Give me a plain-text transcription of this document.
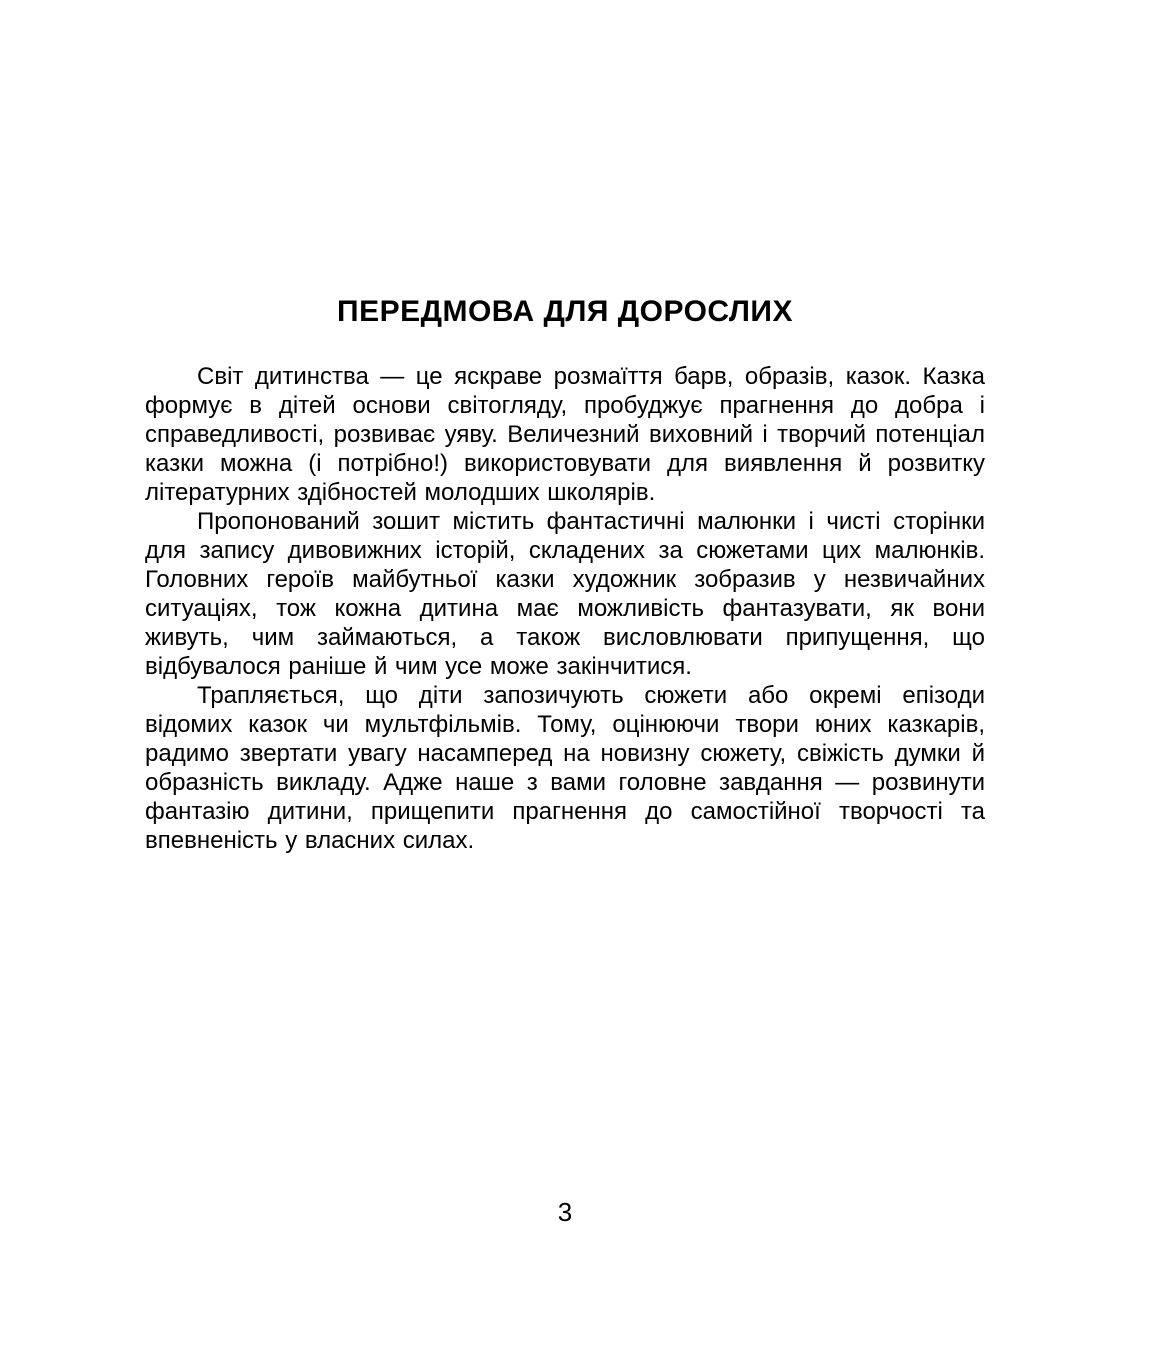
ПЕРЕДМОВА ДЛЯ ДОРОСЛИХ

Світ дитинства — це яскраве розмаїття барв, образів, казок. Казка формує в дітей основи світогляду, пробуджує прагнення до добра і справедливості, розвиває уяву. Величезний виховний і творчий потенціал казки можна (і потрібно!) використовувати для виявлення й розвитку літературних здібностей молодших школярів.

Пропонований зошит містить фантастичні малюнки і чисті сторінки для запису дивовижних історій, складених за сюжетами цих малюнків. Головних героїв майбутньої казки художник зобразив у незвичайних ситуаціях, тож кожна дитина має можливість фантазувати, як вони живуть, чим займаються, а також висловлювати припущення, що відбувалося раніше й чим усе може закінчитися.

Трапляється, що діти запозичують сюжети або окремі епізоди відомих казок чи мультфільмів. Тому, оцінюючи твори юних казкарів, радимо звертати увагу насамперед на новизну сюжету, свіжість думки й образність викладу. Адже наше з вами головне завдання — розвинути фантазію дитини, прищепити прагнення до самостійної творчості та впевненість у власних силах.

3
